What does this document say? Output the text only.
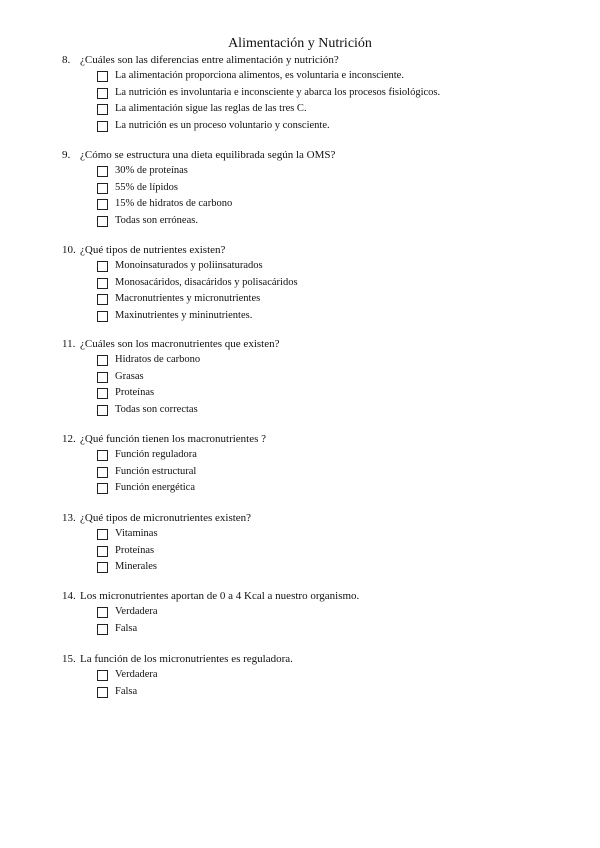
Alimentación y Nutrición
8. ¿Cuáles son las diferencias entre alimentación y nutrición?
La alimentación proporciona alimentos, es voluntaria e inconsciente.
La nutrición es involuntaria e inconsciente y abarca los procesos fisiológicos.
La alimentación sigue las reglas de las tres C.
La nutrición es un proceso voluntario y consciente.
9. ¿Cómo se estructura una dieta equilibrada según la OMS?
30% de proteínas
55% de lípidos
15% de hidratos de carbono
Todas son erróneas.
10. ¿Qué tipos de nutrientes existen?
Monoinsaturados y poliinsaturados
Monosacáridos, disacáridos y polisacáridos
Macronutrientes y micronutrientes
Maxinutrientes y mininutrientes.
11. ¿Cuáles son los macronutrientes que existen?
Hidratos de carbono
Grasas
Proteínas
Todas son correctas
12. ¿Qué función tienen los macronutrientes ?
Función reguladora
Función estructural
Función energética
13. ¿Qué tipos de micronutrientes existen?
Vitaminas
Proteínas
Minerales
14. Los micronutrientes aportan de 0 a 4 Kcal a nuestro organismo.
Verdadera
Falsa
15. La función de los micronutrientes es reguladora.
Verdadera
Falsa
